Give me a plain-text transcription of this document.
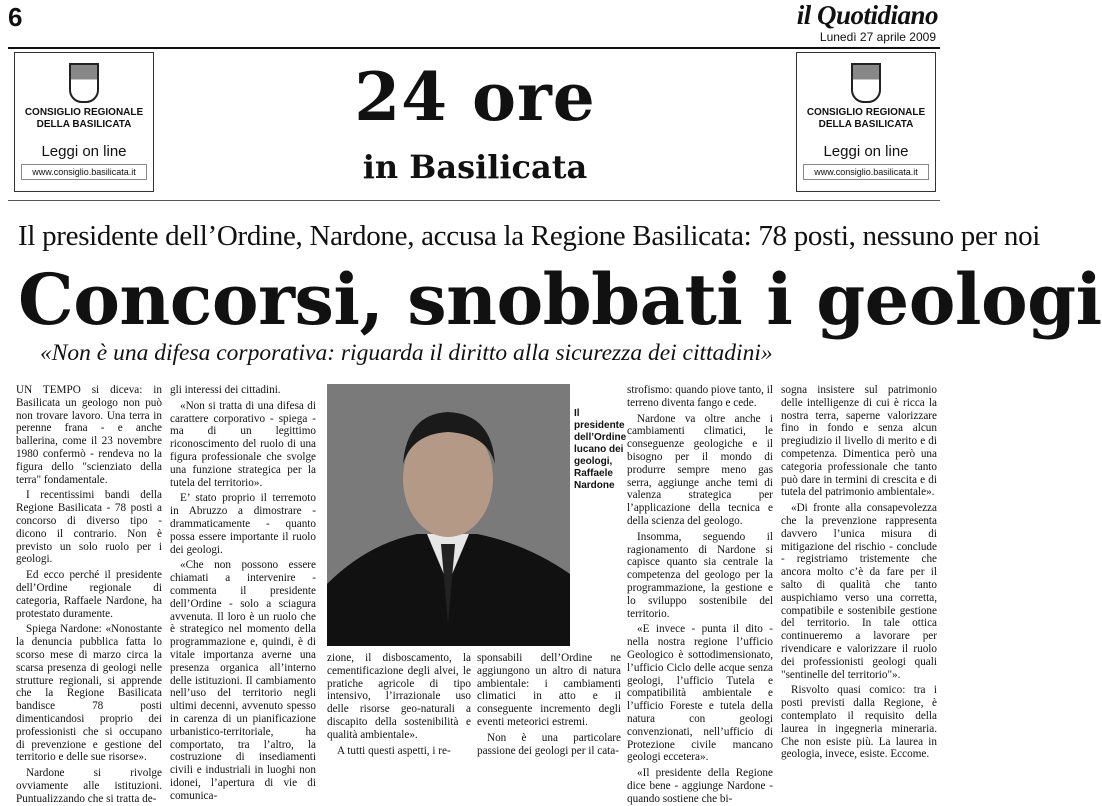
6	il Quotidiano
Lunedì 27 aprile 2009
CONSIGLIO REGIONALE
DELLA BASILICATA
Leggi on line
www.consiglio.basilicata.it
CONSIGLIO REGIONALE
DELLA BASILICATA
Leggi on line
www.consiglio.basilicata.it
24 ore
in Basilicata
Il presidente dell’Ordine, Nardone, accusa la Regione Basilicata: 78 posti, nessuno per noi
Concorsi, snobbati i geologi
«Non è una difesa corporativa: riguarda il diritto alla sicurezza dei cittadini»

UN TEMPO si diceva: in Basilicata un geologo non può non trovare lavoro. Una terra in perenne frana - e anche ballerina, come il 23 novembre 1980 confermò - rendeva no la figura dello "scienziato della terra" fondamentale.

I recentissimi bandi della Regione Basilicata - 78 posti a concorso di diverso tipo - dicono il contrario. Non è previsto un solo ruolo per i geologi.

Ed ecco perché il presidente dell’Ordine regionale di categoria, Raffaele Nardone, ha protestato duramente.

Spiega Nardone: «Nonostante la denuncia pubblica fatta lo scorso mese di marzo circa la scarsa presenza di geologi nelle strutture regionali, si apprende che la Regione Basilicata bandisce 78 posti dimenticandosi proprio dei professionisti che si occupano di prevenzione e gestione del territorio e delle sue risorse».

Nardone si rivolge ovviamente alle istituzioni. Puntualizzando che si tratta de-

gli interessi dei cittadini.

«Non si tratta di una difesa di carattere corporativo - spiega - ma di un legittimo riconoscimento del ruolo di una figura professionale che svolge una funzione strategica per la tutela del territorio».

E’ stato proprio il terremoto in Abruzzo a dimostrare - drammaticamente - quanto possa essere importante il ruolo dei geologi.

«Che non possono essere chiamati a intervenire - commenta il presidente dell’Ordine - solo a sciagura avvenuta. Il loro è un ruolo che è strategico nel momento della programmazione e, quindi, è di vitale importanza averne una presenza organica all’interno delle istituzioni. Il cambiamento nell’uso del territorio negli ultimi decenni, avvenuto spesso in carenza di un pianificazione urbanistico-territoriale, ha comportato, tra l’altro, la costruzione di insediamenti civili e industriali in luoghi non idonei, l’apertura di vie di comunica-

Il presidente dell’Ordine lucano dei geologi, Raffaele Nardone

zione, il disboscamento, la cementificazione degli alvei, le pratiche agricole di tipo intensivo, l’irrazionale uso delle risorse geo-naturali a discapito della sostenibilità e qualità ambientale».

A tutti questi aspetti, i re-

sponsabili dell’Ordine ne aggiungono un altro di natura ambientale: i cambiamenti climatici in atto e il conseguente incremento degli eventi meteorici estremi.

Non è una particolare passione dei geologi per il cata-

strofismo: quando piove tanto, il terreno diventa fango e cede.

Nardone va oltre anche i cambiamenti climatici, le conseguenze geologiche e il bisogno per il mondo di produrre sempre meno gas serra, aggiunge anche temi di valenza strategica per l’applicazione della tecnica e della scienza del geologo.

Insomma, seguendo il ragionamento di Nardone si capisce quanto sia centrale la competenza del geologo per la programmazione, la gestione e lo sviluppo sostenibile del territorio.

«E invece - punta il dito - nella nostra regione l’ufficio Geologico è sottodimensionato, l’ufficio Ciclo delle acque senza geologi, l’ufficio Tutela e compatibilità ambientale e l’ufficio Foreste e tutela della natura con geologi convenzionati, nell’ufficio di Protezione civile mancano geologi eccetera».

«Il presidente della Regione dice bene - aggiunge Nardone - quando sostiene che bi-

sogna insistere sul patrimonio delle intelligenze di cui è ricca la nostra terra, saperne valorizzare fino in fondo e senza alcun pregiudizio il livello di merito e di competenza. Dimentica però una categoria professionale che tanto può dare in termini di crescita e di tutela del patrimonio ambientale».

«Di fronte alla consapevolezza che la prevenzione rappresenta davvero l’unica misura di mitigazione del rischio - conclude - registriamo tristemente che ancora molto c’è da fare per il salto di qualità che tanto auspichiamo verso una corretta, compatibile e sostenibile gestione del territorio. In tale ottica continueremo a lavorare per rivendicare e valorizzare il ruolo dei professionisti geologi quali "sentinelle del territorio"».

Risvolto quasi comico: tra i posti previsti dalla Regione, è contemplato il requisito della laurea in ingegneria mineraria. Che non esiste più. La laurea in geologia, invece, esiste. Eccome.
